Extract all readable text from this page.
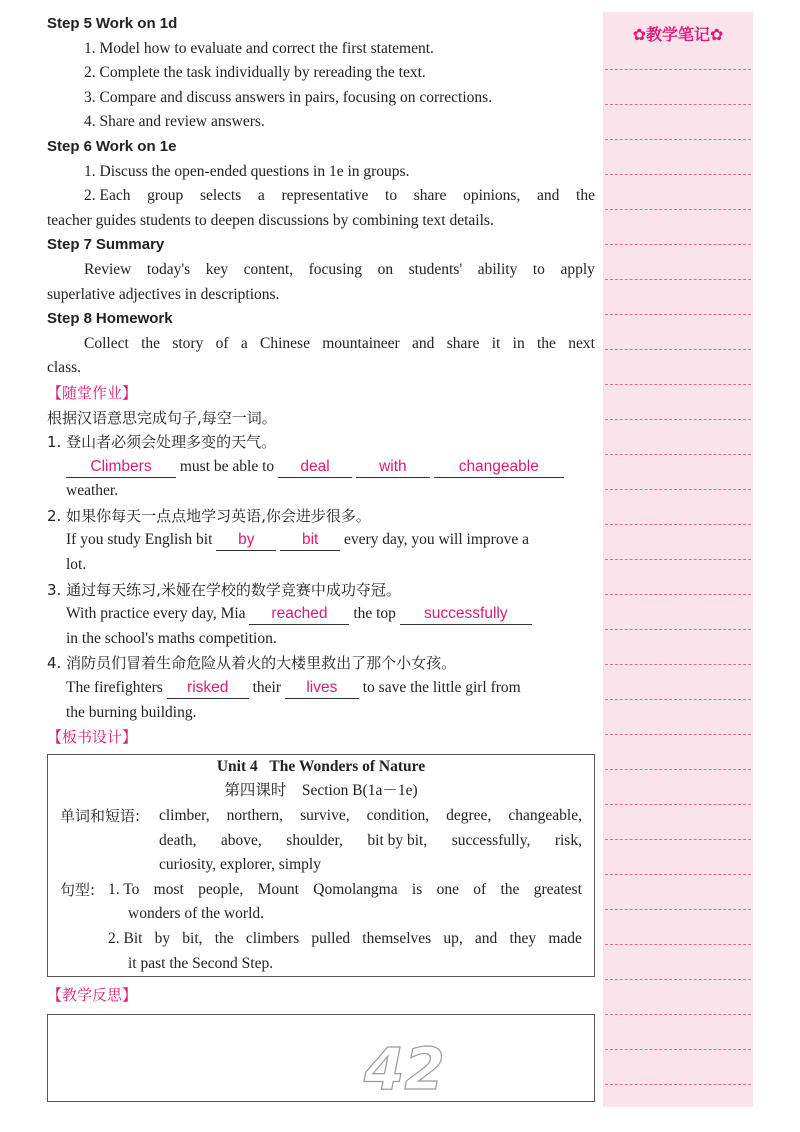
Step 5 Work on 1d
1. Model how to evaluate and correct the first statement.
2. Complete the task individually by rereading the text.
3. Compare and discuss answers in pairs, focusing on corrections.
4. Share and review answers.
Step 6 Work on 1e
1. Discuss the open-ended questions in 1e in groups.
2. Each group selects a representative to share opinions, and the
teacher guides students to deepen discussions by combining text details.
Step 7 Summary
Review today's key content, focusing on students' ability to apply
superlative adjectives in descriptions.
Step 8 Homework
Collect the story of a Chinese mountaineer and share it in the next
class.
【随堂作业】
根据汉语意思完成句子,每空一词。
1. 登山者必须会处理多变的天气。
Climbers must be able to deal	with	changeable
weather.
2. 如果你每天一点点地学习英语,你会进步很多。
If you study English bit by	bit every day, you will improve a
lot.
3. 通过每天练习,米娅在学校的数学竞赛中成功夺冠。
With practice every day, Mia reached the top successfully
in the school's maths competition.
4. 消防员们冒着生命危险从着火的大楼里救出了那个小女孩。
The firefighters risked their lives to save the little girl from
the burning building.
【板书设计】
Unit 4 The Wonders of Nature
第四课时　Section B(1a－1e)
单词和短语: climber, northern, survive, condition, degree, changeable,
death, above, shoulder, bit by bit, successfully, risk,
curiosity, explorer, simply
句型: 1. To most people, Mount Qomolangma is one of the greatest
wonders of the world.
2. Bit by bit, the climbers pulled themselves up, and they made
it past the Second Step.
【教学反思】
✿教学笔记✿
42
